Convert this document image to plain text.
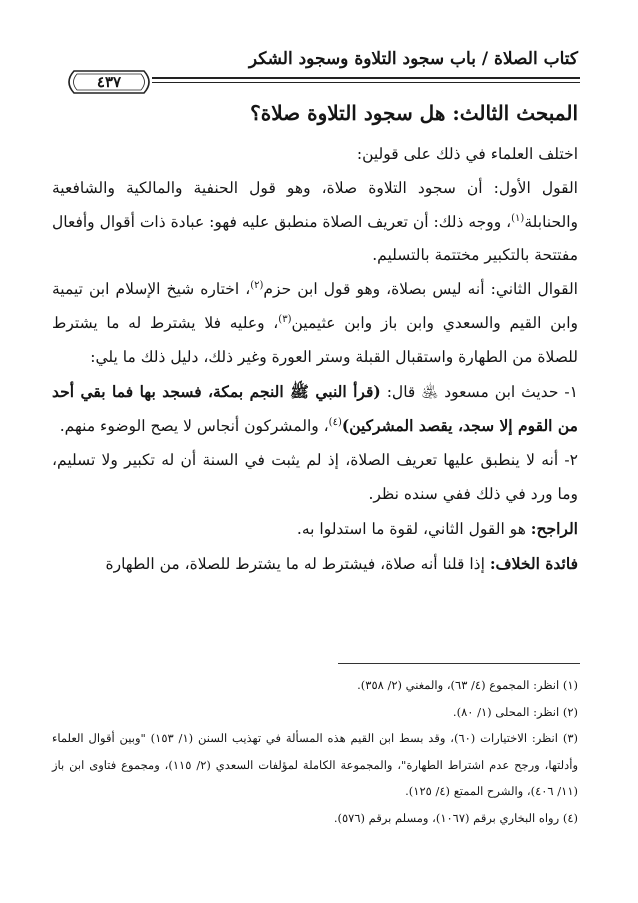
كتاب الصلاة / باب سجود التلاوة وسجود الشكر
٤٣٧
المبحث الثالث: هل سجود التلاوة صلاة؟

اختلف العلماء في ذلك على قولين:

القول الأول: أن سجود التلاوة صلاة، وهو قول الحنفية والمالكية والشافعية والحنابلة$^{(١)}$، ووجه ذلك: أن تعريف الصلاة منطبق عليه فهو: عبادة ذات أقوال وأفعال مفتتحة بالتكبير مختتمة بالتسليم.

القوال الثاني: أنه ليس بصلاة، وهو قول ابن حزم$^{(٢)}$، اختاره شيخ الإسلام ابن تيمية وابن القيم والسعدي وابن باز وابن عثيمين$^{(٣)}$، وعليه فلا يشترط له ما يشترط للصلاة من الطهارة واستقبال القبلة وستر العورة وغير ذلك، دليل ذلك ما يلي:

١- حديث ابن مسعود ﵁ قال: (قرأ النبي ﷺ النجم بمكة، فسجد بها فما بقي أحد من القوم إلا سجد، يقصد المشركين)$^{(٤)}$، والمشركون أنجاس لا يصح الوضوء منهم.

٢- أنه لا ينطبق عليها تعريف الصلاة، إذ لم يثبت في السنة أن له تكبير ولا تسليم، وما ورد في ذلك ففي سنده نظر.

الراجح: هو القول الثاني، لقوة ما استدلوا به.

فائدة الخلاف: إذا قلنا أنه صلاة، فيشترط له ما يشترط للصلاة، من الطهارة

(١) انظر: المجموع (٤/ ٦٣)، والمغني (٢/ ٣٥٨).

(٢) انظر: المحلى (١/ ٨٠).

(٣) انظر: الاختيارات (٦٠)، وقد بسط ابن القيم هذه المسألة في تهذيب السنن (١/ ١٥٣) "وبين أقوال العلماء وأدلتها، ورجح عدم اشتراط الطهارة"، والمجموعة الكاملة لمؤلفات السعدي (٢/ ١١٥)، ومجموع فتاوى ابن باز (١١/ ٤٠٦)، والشرح الممتع (٤/ ١٢٥).

(٤) رواه البخاري برقم (١٠٦٧)، ومسلم برقم (٥٧٦).
